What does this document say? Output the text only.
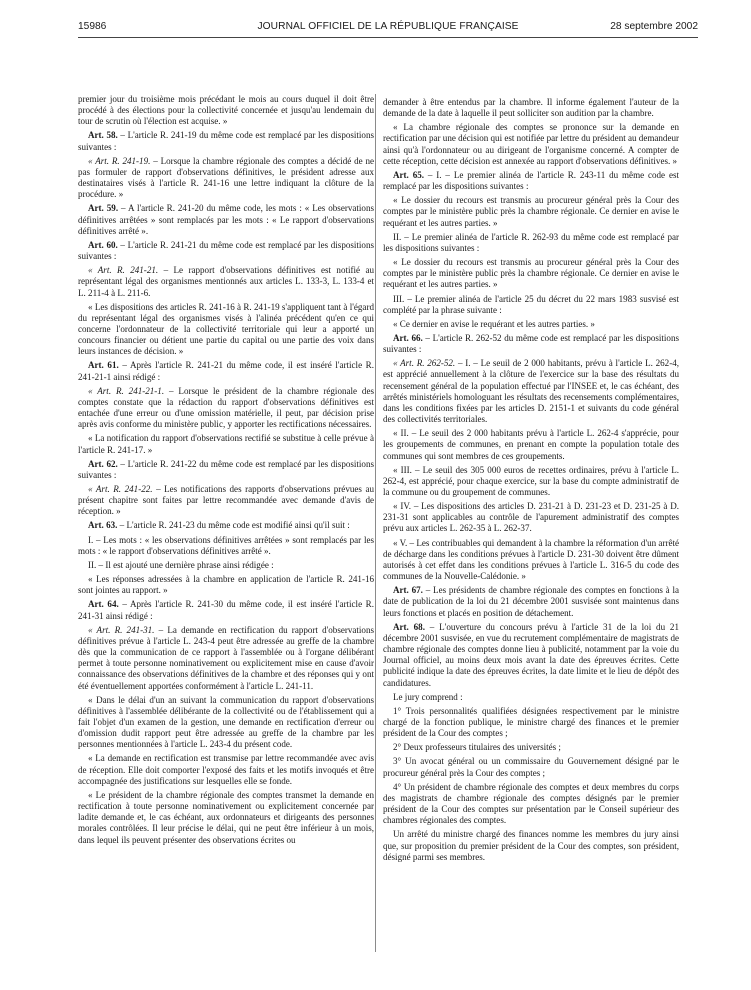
15986	JOURNAL OFFICIEL DE LA RÉPUBLIQUE FRANÇAISE	28 septembre 2002

premier jour du troisième mois précédant le mois au cours duquel il doit être procédé à des élections pour la collectivité concernée et jusqu'au lendemain du tour de scrutin où l'élection est acquise. »

Art. 58. – L'article R. 241-19 du même code est remplacé par les dispositions suivantes :

« Art. R. 241-19. – Lorsque la chambre régionale des comptes a décidé de ne pas formuler de rapport d'observations définitives, le président adresse aux destinataires visés à l'article R. 241-16 une lettre indiquant la clôture de la procédure. »

Art. 59. – A l'article R. 241-20 du même code, les mots : « Les observations définitives arrêtées » sont remplacés par les mots : « Le rapport d'observations définitives arrêté ».

Art. 60. – L'article R. 241-21 du même code est remplacé par les dispositions suivantes :

« Art. R. 241-21. – Le rapport d'observations définitives est notifié au représentant légal des organismes mentionnés aux articles L. 133-3, L. 133-4 et L. 211-4 à L. 211-6.

« Les dispositions des articles R. 241-16 à R. 241-19 s'appliquent tant à l'égard du représentant légal des organismes visés à l'alinéa précédent qu'en ce qui concerne l'ordonnateur de la collectivité territoriale qui leur a apporté un concours financier ou détient une partie du capital ou une partie des voix dans leurs instances de décision. »

Art. 61. – Après l'article R. 241-21 du même code, il est inséré l'article R. 241-21-1 ainsi rédigé :

« Art. R. 241-21-1. – Lorsque le président de la chambre régionale des comptes constate que la rédaction du rapport d'observations définitives est entachée d'une erreur ou d'une omission matérielle, il peut, par décision prise après avis conforme du ministère public, y apporter les rectifications nécessaires.

« La notification du rapport d'observations rectifié se substitue à celle prévue à l'article R. 241-17. »

Art. 62. – L'article R. 241-22 du même code est remplacé par les dispositions suivantes :

« Art. R. 241-22. – Les notifications des rapports d'observations prévues au présent chapitre sont faites par lettre recommandée avec demande d'avis de réception. »

Art. 63. – L'article R. 241-23 du même code est modifié ainsi qu'il suit :

I. – Les mots : « les observations définitives arrêtées » sont remplacés par les mots : « le rapport d'observations définitives arrêté ».

II. – Il est ajouté une dernière phrase ainsi rédigée :

« Les réponses adressées à la chambre en application de l'article R. 241-16 sont jointes au rapport. »

Art. 64. – Après l'article R. 241-30 du même code, il est inséré l'article R. 241-31 ainsi rédigé :

« Art. R. 241-31. – La demande en rectification du rapport d'observations définitives prévue à l'article L. 243-4 peut être adressée au greffe de la chambre dès que la communication de ce rapport à l'assemblée ou à l'organe délibérant permet à toute personne nominativement ou explicitement mise en cause d'avoir connaissance des observations définitives de la chambre et des réponses qui y ont été éventuellement apportées conformément à l'article L. 241-11.

« Dans le délai d'un an suivant la communication du rapport d'observations définitives à l'assemblée délibérante de la collectivité ou de l'établissement qui a fait l'objet d'un examen de la gestion, une demande en rectification d'erreur ou d'omission dudit rapport peut être adressée au greffe de la chambre par les personnes mentionnées à l'article L. 243-4 du présent code.

« La demande en rectification est transmise par lettre recommandée avec avis de réception. Elle doit comporter l'exposé des faits et les motifs invoqués et être accompagnée des justifications sur lesquelles elle se fonde.

« Le président de la chambre régionale des comptes transmet la demande en rectification à toute personne nominativement ou explicitement concernée par ladite demande et, le cas échéant, aux ordonnateurs et dirigeants des personnes morales contrôlées. Il leur précise le délai, qui ne peut être inférieur à un mois, dans lequel ils peuvent présenter des observations écrites ou

demander à être entendus par la chambre. Il informe également l'auteur de la demande de la date à laquelle il peut solliciter son audition par la chambre.

« La chambre régionale des comptes se prononce sur la demande en rectification par une décision qui est notifiée par lettre du président au demandeur ainsi qu'à l'ordonnateur ou au dirigeant de l'organisme concerné. A compter de cette réception, cette décision est annexée au rapport d'observations définitives. »

Art. 65. – I. – Le premier alinéa de l'article R. 243-11 du même code est remplacé par les dispositions suivantes :

« Le dossier du recours est transmis au procureur général près la Cour des comptes par le ministère public près la chambre régionale. Ce dernier en avise le requérant et les autres parties. »

II. – Le premier alinéa de l'article R. 262-93 du même code est remplacé par les dispositions suivantes :

« Le dossier du recours est transmis au procureur général près la Cour des comptes par le ministère public près la chambre régionale. Ce dernier en avise le requérant et les autres parties. »

III. – Le premier alinéa de l'article 25 du décret du 22 mars 1983 susvisé est complété par la phrase suivante :

« Ce dernier en avise le requérant et les autres parties. »

Art. 66. – L'article R. 262-52 du même code est remplacé par les dispositions suivantes :

« Art. R. 262-52. – I. – Le seuil de 2 000 habitants, prévu à l'article L. 262-4, est apprécié annuellement à la clôture de l'exercice sur la base des résultats du recensement général de la population effectué par l'INSEE et, le cas échéant, des arrêtés ministériels homologuant les résultats des recensements complémentaires, dans les conditions fixées par les articles D. 2151-1 et suivants du code général des collectivités territoriales.

« II. – Le seuil des 2 000 habitants prévu à l'article L. 262-4 s'apprécie, pour les groupements de communes, en prenant en compte la population totale des communes qui sont membres de ces groupements.

« III. – Le seuil des 305 000 euros de recettes ordinaires, prévu à l'article L. 262-4, est apprécié, pour chaque exercice, sur la base du compte administratif de la commune ou du groupement de communes.

« IV. – Les dispositions des articles D. 231-21 à D. 231-23 et D. 231-25 à D. 231-31 sont applicables au contrôle de l'apurement administratif des comptes prévu aux articles L. 262-35 à L. 262-37.

« V. – Les contribuables qui demandent à la chambre la réformation d'un arrêté de décharge dans les conditions prévues à l'article D. 231-30 doivent être dûment autorisés à cet effet dans les conditions prévues à l'article L. 316-5 du code des communes de la Nouvelle-Calédonie. »

Art. 67. – Les présidents de chambre régionale des comptes en fonctions à la date de publication de la loi du 21 décembre 2001 susvisée sont maintenus dans leurs fonctions et placés en position de détachement.

Art. 68. – L'ouverture du concours prévu à l'article 31 de la loi du 21 décembre 2001 susvisée, en vue du recrutement complémentaire de magistrats de chambre régionale des comptes donne lieu à publicité, notamment par la voie du Journal officiel, au moins deux mois avant la date des épreuves écrites. Cette publicité indique la date des épreuves écrites, la date limite et le lieu de dépôt des candidatures.

Le jury comprend :

1° Trois personnalités qualifiées désignées respectivement par le ministre chargé de la fonction publique, le ministre chargé des finances et le premier président de la Cour des comptes ;

2° Deux professeurs titulaires des universités ;

3° Un avocat général ou un commissaire du Gouvernement désigné par le procureur général près la Cour des comptes ;

4° Un président de chambre régionale des comptes et deux membres du corps des magistrats de chambre régionale des comptes désignés par le premier président de la Cour des comptes sur présentation par le Conseil supérieur des chambres régionales des comptes.

Un arrêté du ministre chargé des finances nomme les membres du jury ainsi que, sur proposition du premier président de la Cour des comptes, son président, désigné parmi ses membres.
